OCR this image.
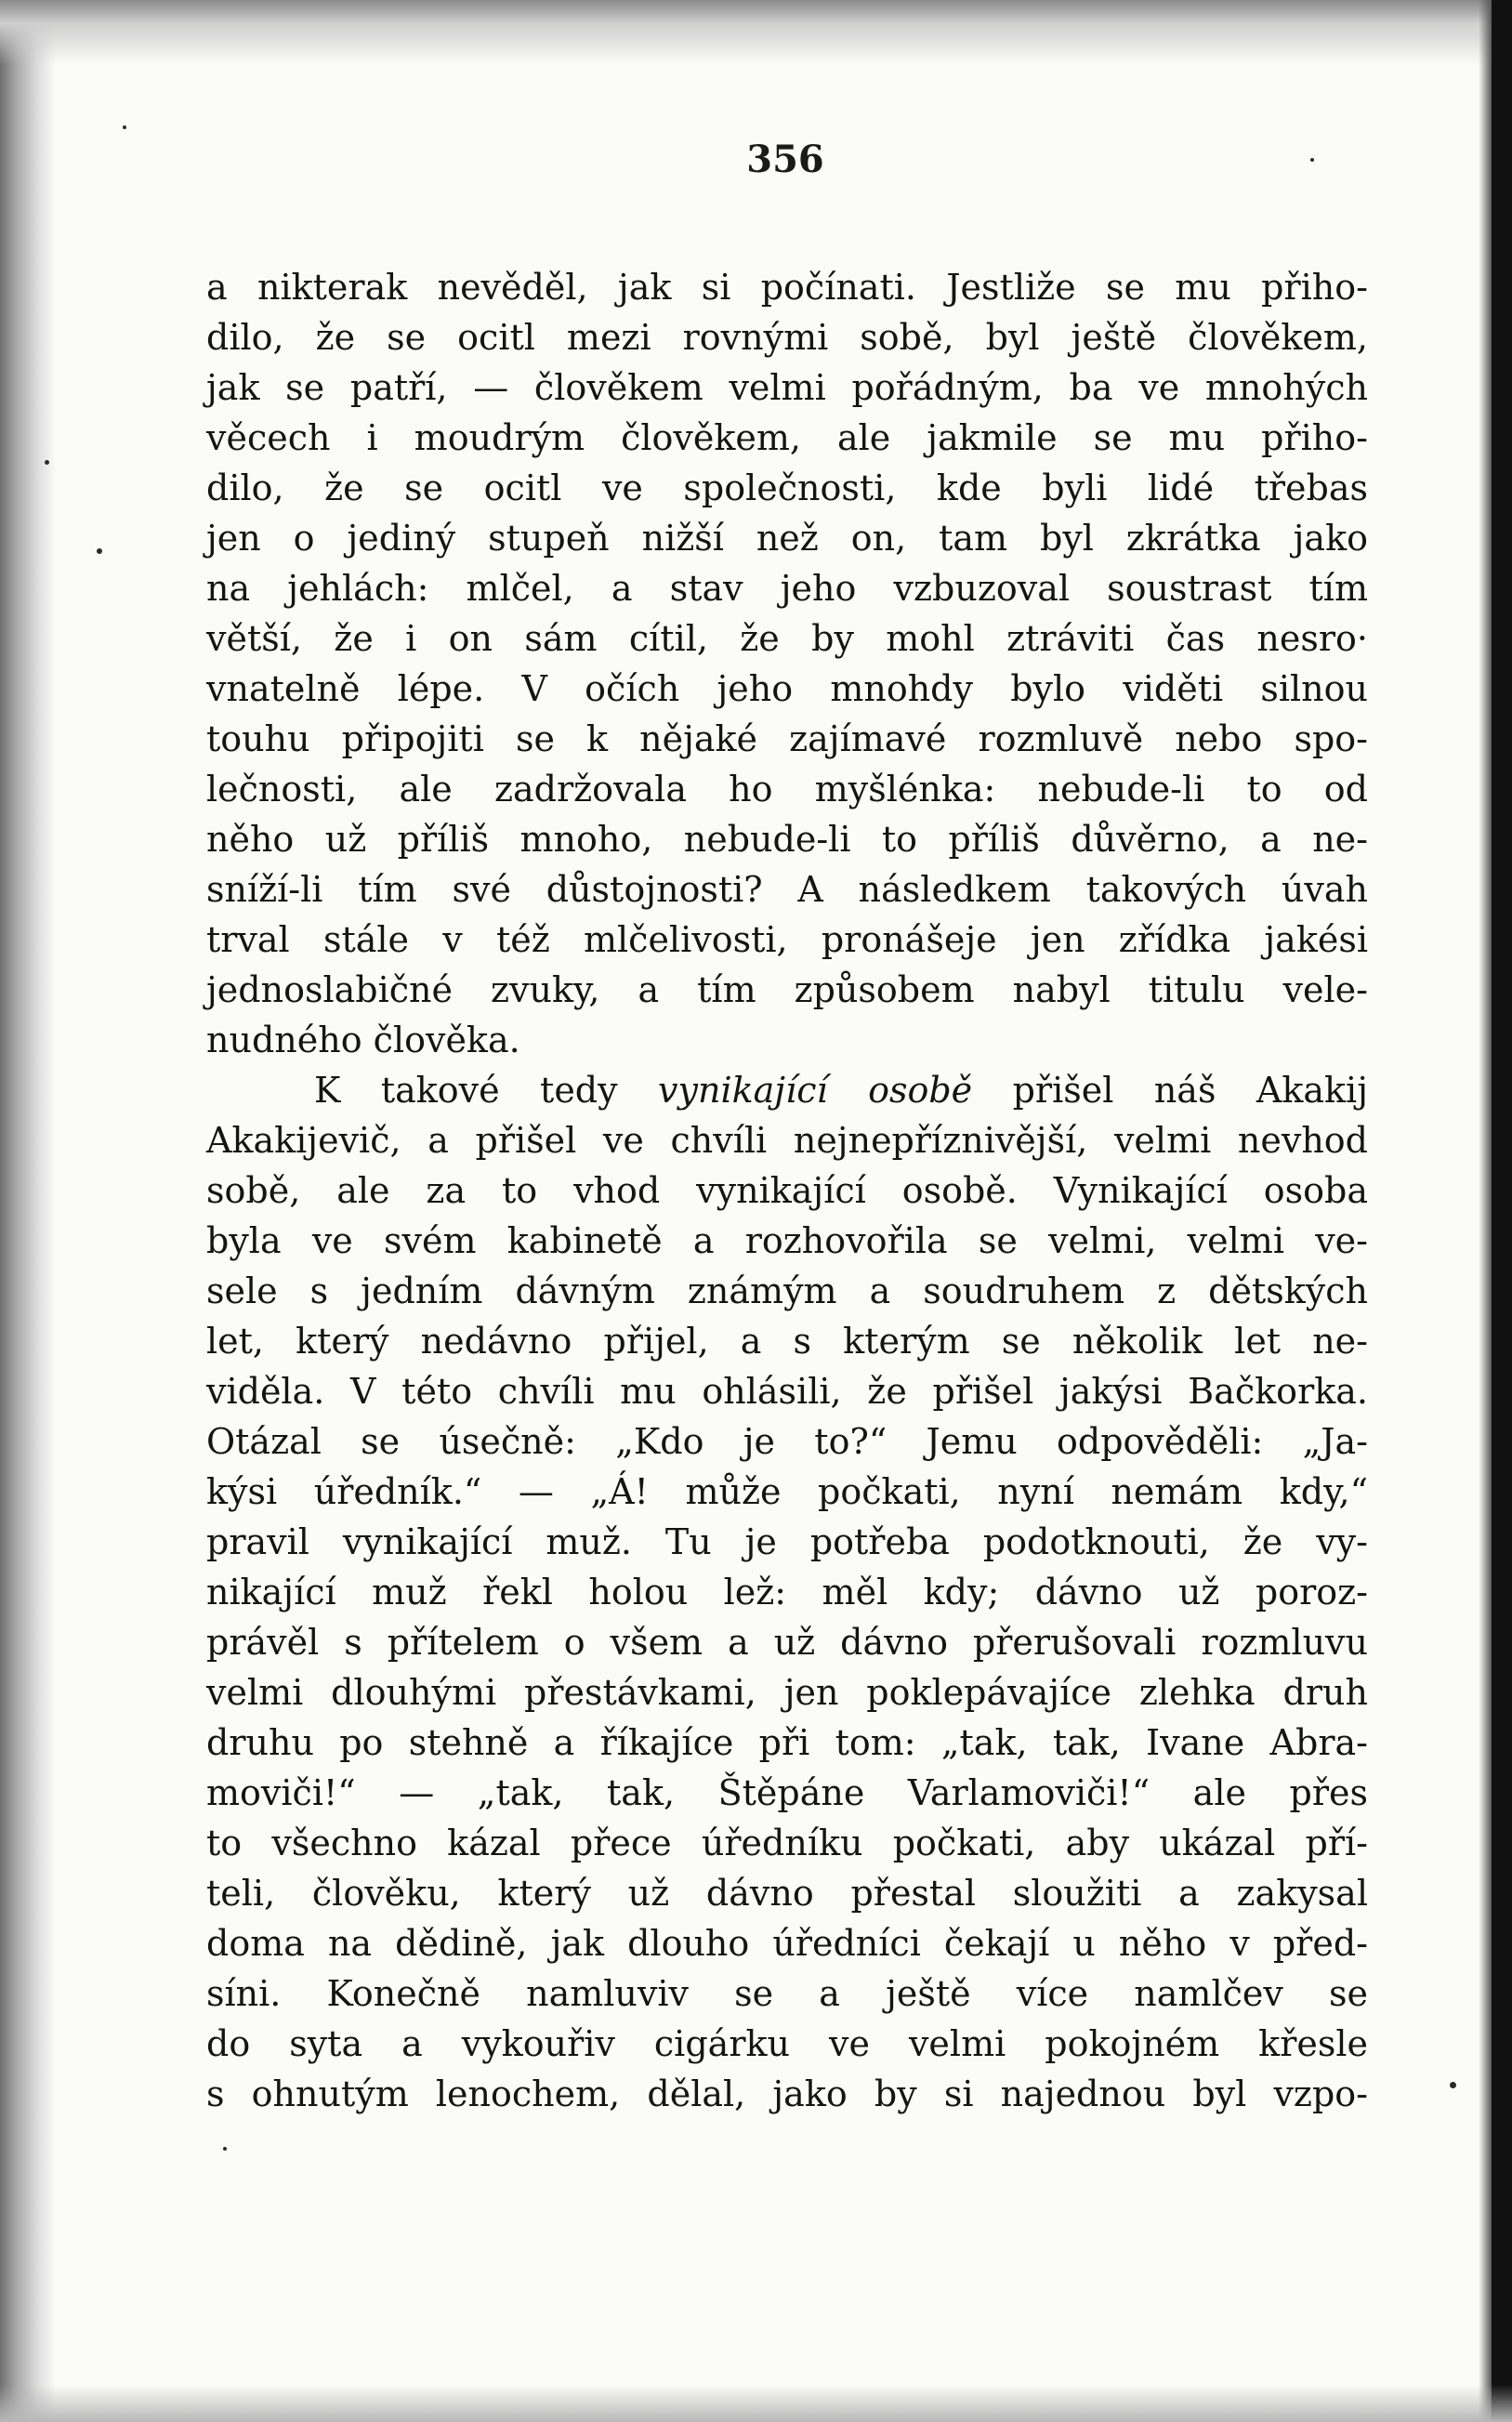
356
a nikterak nevěděl, jak si počínati. Jestliže se mu přiho-
dilo, že se ocitl mezi rovnými sobě, byl ještě člověkem,
jak se patří, — člověkem velmi pořádným, ba ve mnohých
věcech i moudrým člověkem, ale jakmile se mu přiho-
dilo, že se ocitl ve společnosti, kde byli lidé třebas
jen o jediný stupeň nižší než on, tam byl zkrátka jako
na jehlách: mlčel, a stav jeho vzbuzoval soustrast tím
větší, že i on sám cítil, že by mohl ztráviti čas nesro·
vnatelně lépe. V očích jeho mnohdy bylo viděti silnou
touhu připojiti se k nějaké zajímavé rozmluvě nebo spo-
lečnosti, ale zadržovala ho myšlénka: nebude-li to od
něho už příliš mnoho, nebude-li to příliš důvěrno, a ne-
sníží-li tím své důstojnosti? A následkem takových úvah
trval stále v též mlčelivosti, pronášeje jen zřídka jakési
jednoslabičné zvuky, a tím způsobem nabyl titulu vele-
nudného člověka.
K takové tedy vynikající osobě přišel náš Akakij
Akakijevič, a přišel ve chvíli nejnepříznivější, velmi nevhod
sobě, ale za to vhod vynikající osobě. Vynikající osoba
byla ve svém kabinetě a rozhovořila se velmi, velmi ve-
sele s jedním dávným známým a soudruhem z dětských
let, který nedávno přijel, a s kterým se několik let ne-
viděla. V této chvíli mu ohlásili, že přišel jakýsi Bačkorka.
Otázal se úsečně: „Kdo je to?“ Jemu odpověděli: „Ja-
kýsi úředník.“ — „Á! může počkati, nyní nemám kdy,“
pravil vynikající muž. Tu je potřeba podotknouti, že vy-
nikající muž řekl holou lež: měl kdy; dávno už poroz-
právěl s přítelem o všem a už dávno přerušovali rozmluvu
velmi dlouhými přestávkami, jen poklepávajíce zlehka druh
druhu po stehně a říkajíce při tom: „tak, tak, Ivane Abra-
moviči!“ — „tak, tak, Štěpáne Varlamoviči!“ ale přes
to všechno kázal přece úředníku počkati, aby ukázal pří-
teli, člověku, který už dávno přestal sloužiti a zakysal
doma na dědině, jak dlouho úředníci čekají u něho v před-
síni. Konečně namluviv se a ještě více namlčev se
do syta a vykouřiv cigárku ve velmi pokojném křesle
s ohnutým lenochem, dělal, jako by si najednou byl vzpo-
